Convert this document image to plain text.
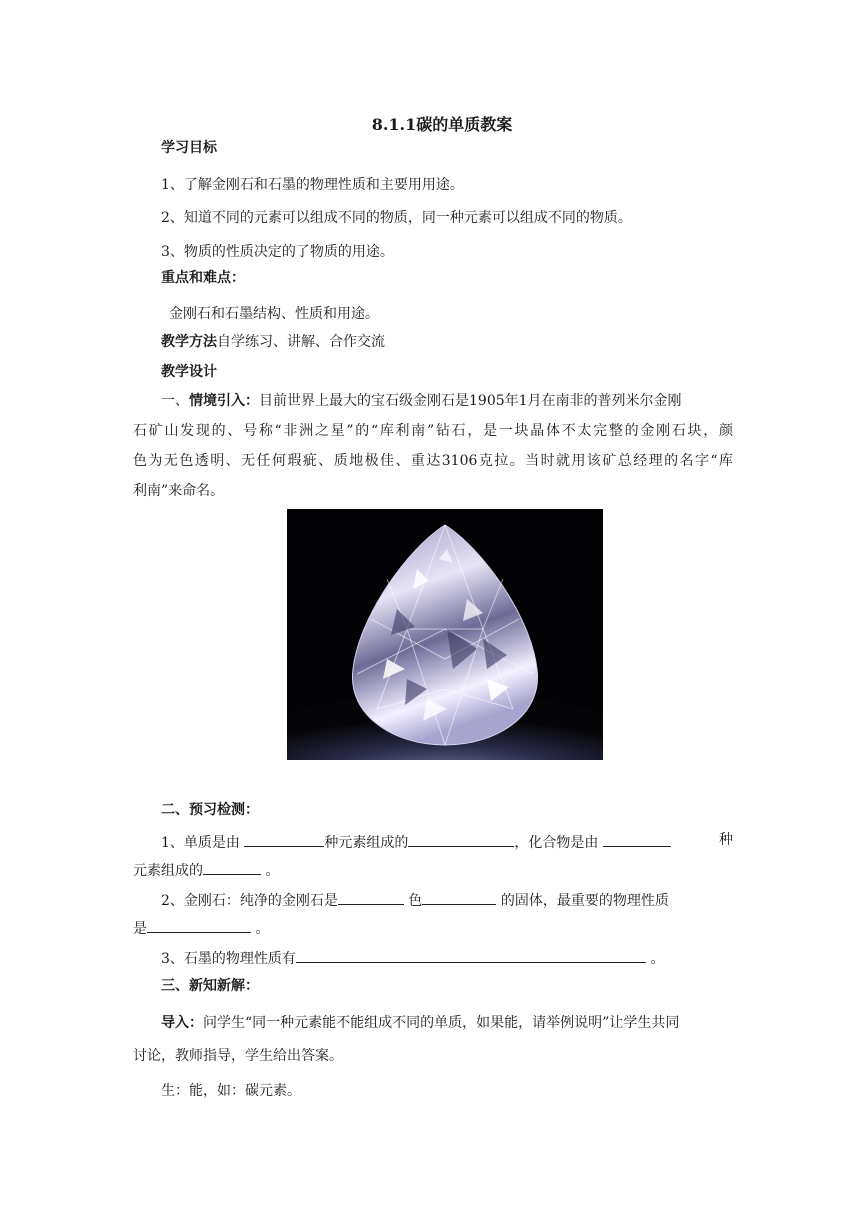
8.1.1碳的单质教案
学习目标
1、了解金刚石和石墨的物理性质和主要用用途。
2、知道不同的元素可以组成不同的物质，同一种元素可以组成不同的物质。
3、物质的性质决定的了物质的用途。
重点和难点：
金刚石和石墨结构、性质和用途。
教学方法自学练习、讲解、合作交流
教学设计
一、情境引入：目前世界上最大的宝石级金刚石是1905年1月在南非的普列米尔金刚
石矿山发现的、号称“非洲之星”的“库利南”钻石，是一块晶体不太完整的金刚石块，颜
色为无色透明、无任何瑕疵、质地极佳、重达3106克拉。当时就用该矿总经理的名字“库
利南”来命名。
二、预习检测：
1、单质是由	种元素组成的	，化合物是由	种
元素组成的	。
2、金刚石：纯净的金刚石是	色	的固体，最重要的物理性质
是	。
3、石墨的物理性质有	。
三、新知新解：
导入：问学生“同一种元素能不能组成不同的单质，如果能，请举例说明”让学生共同
讨论，教师指导，学生给出答案。
生：能，如：碳元素。
